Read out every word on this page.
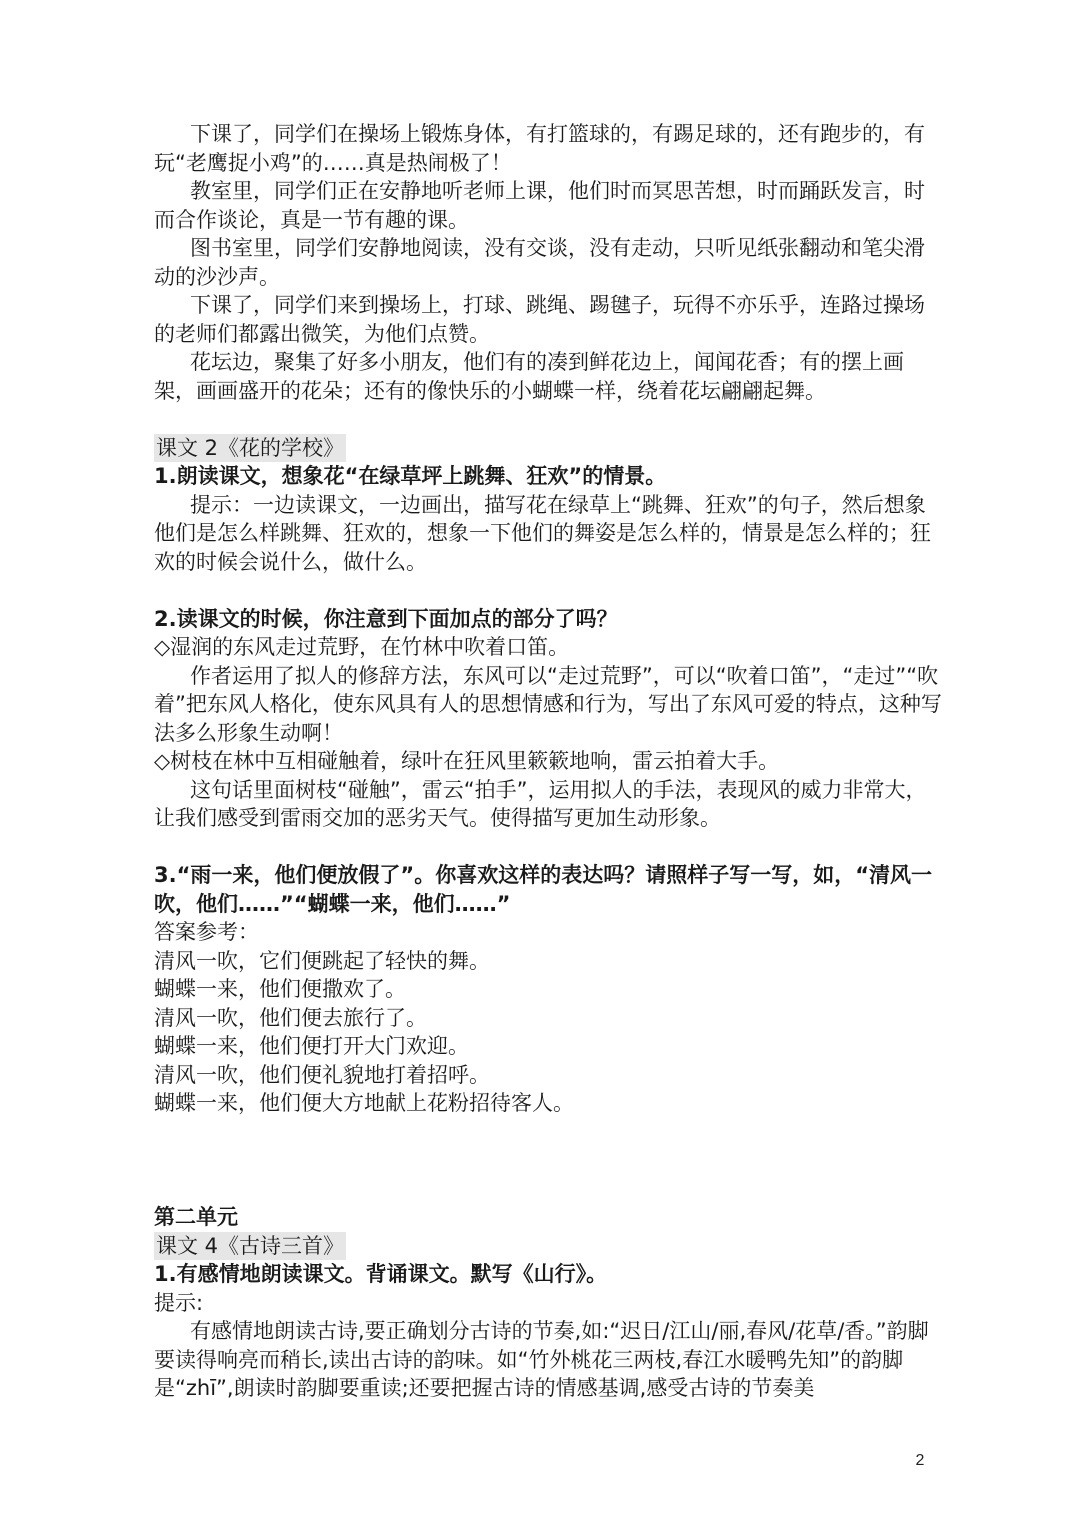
下课了，同学们在操场上锻炼身体，有打篮球的，有踢足球的，还有跑步的，有玩“老鹰捉小鸡”的……真是热闹极了！

教室里，同学们正在安静地听老师上课，他们时而冥思苦想，时而踊跃发言，时而合作谈论，真是一节有趣的课。

图书室里，同学们安静地阅读，没有交谈，没有走动，只听见纸张翻动和笔尖滑动的沙沙声。

下课了，同学们来到操场上，打球、跳绳、踢毽子，玩得不亦乐乎，连路过操场的老师们都露出微笑，为他们点赞。

花坛边，聚集了好多小朋友，他们有的凑到鲜花边上，闻闻花香；有的摆上画架，画画盛开的花朵；还有的像快乐的小蝴蝶一样，绕着花坛翩翩起舞。

课文 2《花的学校》

1.朗读课文，想象花“在绿草坪上跳舞、狂欢”的情景。

提示：一边读课文，一边画出，描写花在绿草上“跳舞、狂欢”的句子，然后想象他们是怎么样跳舞、狂欢的，想象一下他们的舞姿是怎么样的，情景是怎么样的；狂欢的时候会说什么，做什么。

2.读课文的时候，你注意到下面加点的部分了吗？

◇湿润的东风走过荒野，在竹林中吹着口笛。

作者运用了拟人的修辞方法，东风可以“走过荒野”，可以“吹着口笛”，“走过”“吹着”把东风人格化，使东风具有人的思想情感和行为，写出了东风可爱的特点，这种写法多么形象生动啊！

◇树枝在林中互相碰触着，绿叶在狂风里簌簌地响，雷云拍着大手。

这句话里面树枝“碰触”，雷云“拍手”，运用拟人的手法，表现风的威力非常大，让我们感受到雷雨交加的恶劣天气。使得描写更加生动形象。

3.“雨一来，他们便放假了”。你喜欢这样的表达吗？请照样子写一写，如，“清风一吹，他们……”“蝴蝶一来，他们……”

答案参考：

清风一吹，它们便跳起了轻快的舞。

蝴蝶一来，他们便撒欢了。

清风一吹，他们便去旅行了。

蝴蝶一来，他们便打开大门欢迎。

清风一吹，他们便礼貌地打着招呼。

蝴蝶一来，他们便大方地献上花粉招待客人。

第二单元

课文 4《古诗三首》

1.有感情地朗读课文。背诵课文。默写《山行》。

提示:

有感情地朗读古诗,要正确划分古诗的节奏,如:“迟日/江山/丽,春风/花草/香。”韵脚要读得响亮而稍长,读出古诗的韵味。如“竹外桃花三两枝,春江水暖鸭先知”的韵脚是“zhī”,朗读时韵脚要重读;还要把握古诗的情感基调,感受古诗的节奏美

2
